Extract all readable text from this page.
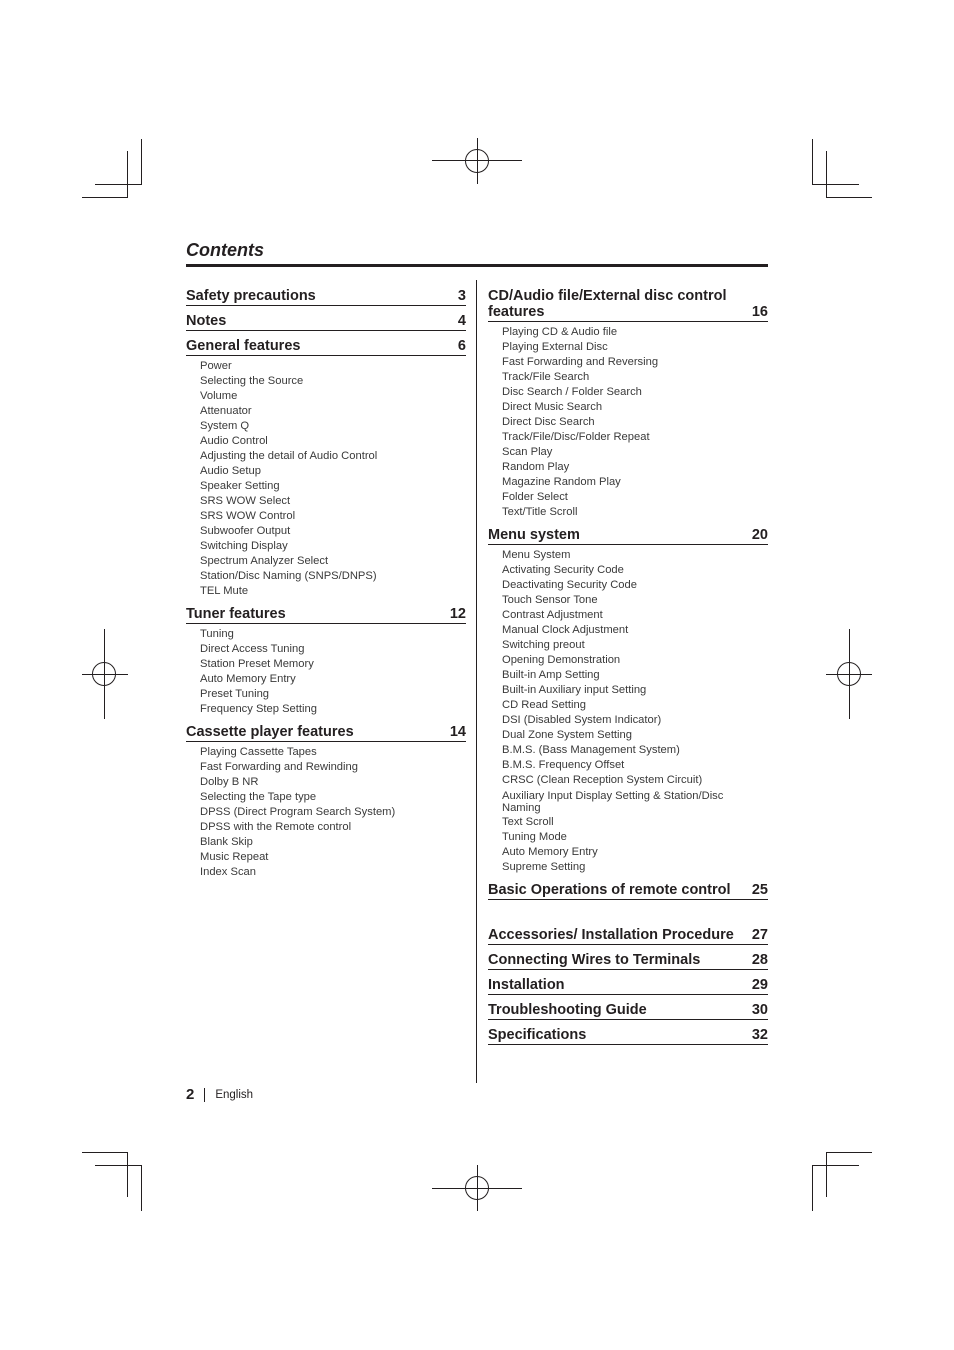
Contents
Safety precautions	3
Notes	4
General features	6
Power
Selecting the Source
Volume
Attenuator
System Q
Audio Control
Adjusting the detail of Audio Control
Audio Setup
Speaker Setting
SRS WOW Select
SRS WOW Control
Subwoofer Output
Switching Display
Spectrum Analyzer Select
Station/Disc Naming (SNPS/DNPS)
TEL Mute
Tuner features	12
Tuning
Direct Access Tuning
Station Preset Memory
Auto Memory Entry
Preset Tuning
Frequency Step Setting
Cassette player features	14
Playing Cassette Tapes
Fast Forwarding and Rewinding
Dolby B NR
Selecting the Tape type
DPSS (Direct Program Search System)
DPSS with the Remote control
Blank Skip
Music Repeat
Index Scan
CD/Audio file/External disc control features	16
Playing CD & Audio file
Playing External Disc
Fast Forwarding and Reversing
Track/File Search
Disc Search / Folder Search
Direct Music Search
Direct Disc Search
Track/File/Disc/Folder Repeat
Scan Play
Random Play
Magazine Random Play
Folder Select
Text/Title Scroll
Menu system	20
Menu System
Activating Security Code
Deactivating Security Code
Touch Sensor Tone
Contrast Adjustment
Manual Clock Adjustment
Switching preout
Opening Demonstration
Built-in Amp Setting
Built-in Auxiliary input Setting
CD Read Setting
DSI (Disabled System Indicator)
Dual Zone System Setting
B.M.S. (Bass Management System)
B.M.S. Frequency Offset
CRSC (Clean Reception System Circuit)
Auxiliary Input Display Setting & Station/Disc Naming
Text Scroll
Tuning Mode
Auto Memory Entry
Supreme Setting
Basic Operations of remote control 25
Accessories/ Installation Procedure 27
Connecting Wires to Terminals	28
Installation	29
Troubleshooting Guide	30
Specifications	32
2 English
